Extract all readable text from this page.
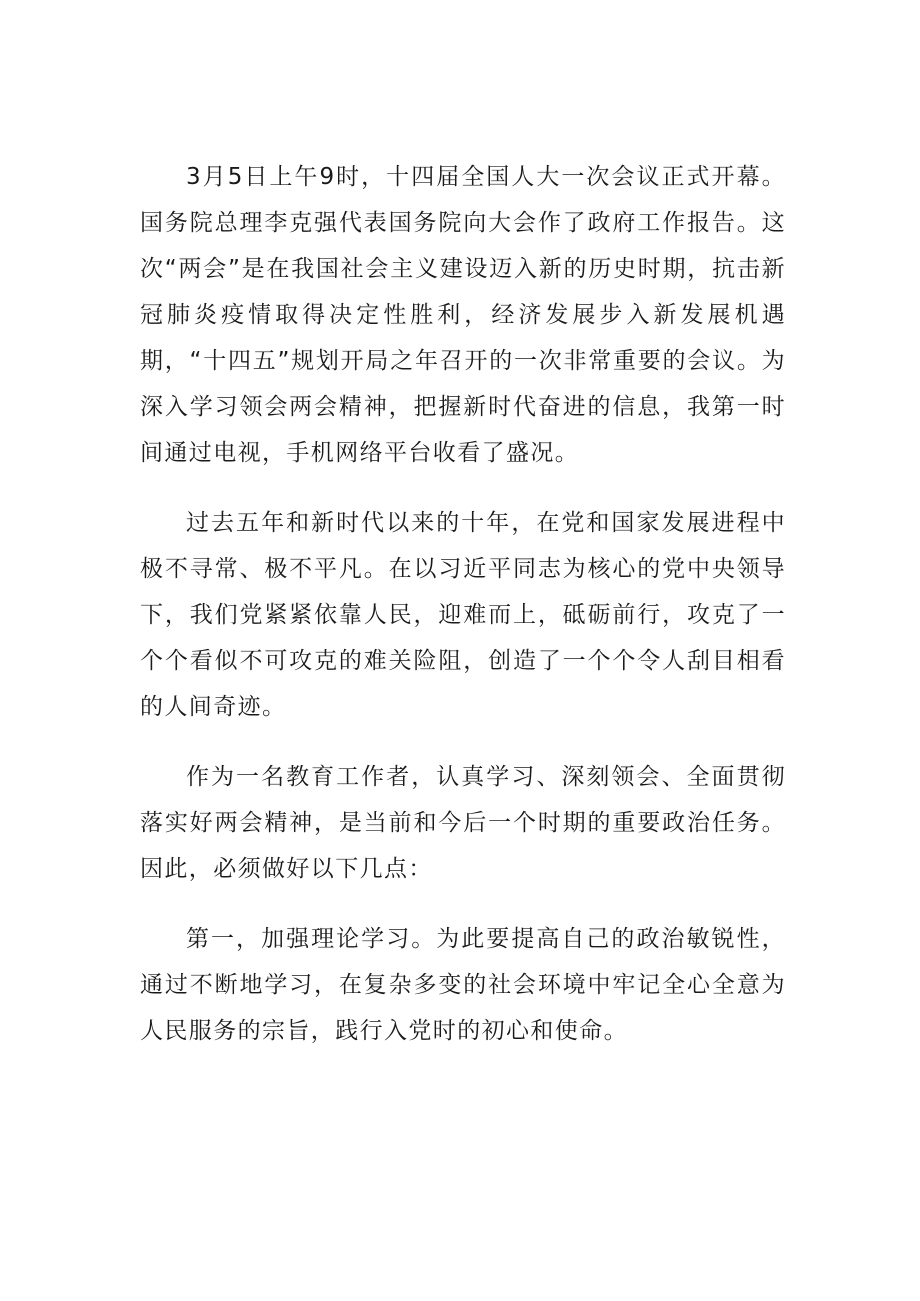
3月5日上午9时，十四届全国人大一次会议正式开幕。国务院总理李克强代表国务院向大会作了政府工作报告。这次“两会”是在我国社会主义建设迈入新的历史时期，抗击新冠肺炎疫情取得决定性胜利，经济发展步入新发展机遇期，“十四五”规划开局之年召开的一次非常重要的会议。为深入学习领会两会精神，把握新时代奋进的信息，我第一时间通过电视，手机网络平台收看了盛况。

过去五年和新时代以来的十年，在党和国家发展进程中极不寻常、极不平凡。在以习近平同志为核心的党中央领导下，我们党紧紧依靠人民，迎难而上，砥砺前行，攻克了一个个看似不可攻克的难关险阻，创造了一个个令人刮目相看的人间奇迹。

作为一名教育工作者，认真学习、深刻领会、全面贯彻落实好两会精神，是当前和今后一个时期的重要政治任务。因此，必须做好以下几点：

第一，加强理论学习。为此要提高自己的政治敏锐性，通过不断地学习，在复杂多变的社会环境中牢记全心全意为人民服务的宗旨，践行入党时的初心和使命。
